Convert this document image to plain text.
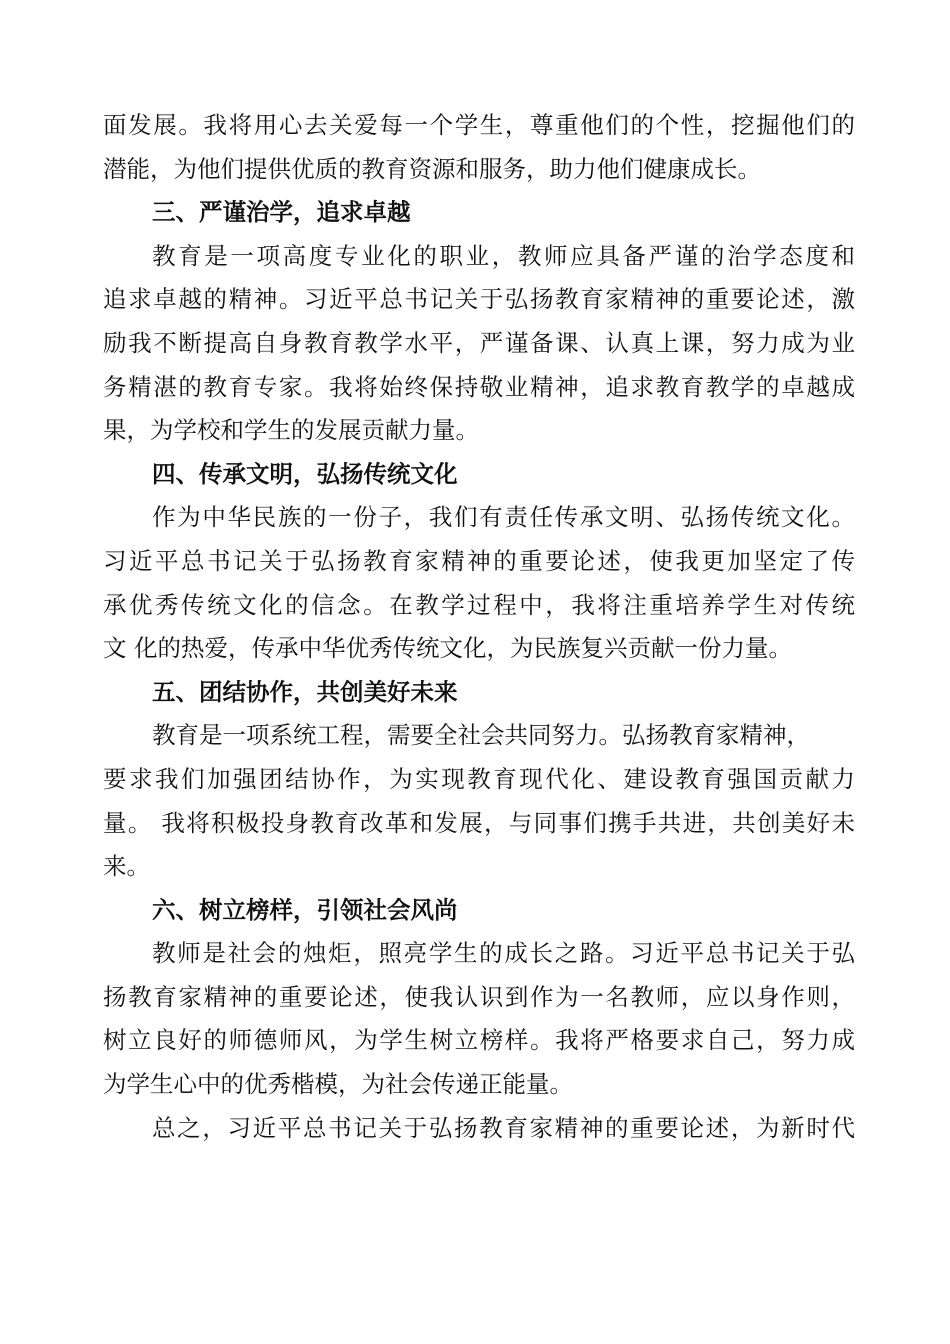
面发展。我将用心去关爱每一个学生，尊重他们的个性，挖掘他们的
潜能，为他们提供优质的教育资源和服务，助力他们健康成长。
三、严谨治学，追求卓越
教育是一项高度专业化的职业，教师应具备严谨的治学态度和
追求卓越的精神。习近平总书记关于弘扬教育家精神的重要论述，激
励我不断提高自身教育教学水平，严谨备课、认真上课，努力成为业
务精湛的教育专家。我将始终保持敬业精神，追求教育教学的卓越成
果，为学校和学生的发展贡献力量。
四、传承文明，弘扬传统文化
作为中华民族的一份子，我们有责任传承文明、弘扬传统文化。
习近平总书记关于弘扬教育家精神的重要论述，使我更加坚定了传
承优秀传统文化的信念。在教学过程中，我将注重培养学生对传统
文 化的热爱，传承中华优秀传统文化，为民族复兴贡献一份力量。
五、团结协作，共创美好未来
教育是一项系统工程，需要全社会共同努力。弘扬教育家精神，
要求我们加强团结协作，为实现教育现代化、建设教育强国贡献力
量。 我将积极投身教育改革和发展，与同事们携手共进，共创美好未
来。
六、树立榜样，引领社会风尚
教师是社会的烛炬，照亮学生的成长之路。习近平总书记关于弘
扬教育家精神的重要论述，使我认识到作为一名教师，应以身作则，
树立良好的师德师风，为学生树立榜样。我将严格要求自己，努力成
为学生心中的优秀楷模，为社会传递正能量。
总之，习近平总书记关于弘扬教育家精神的重要论述，为新时代
